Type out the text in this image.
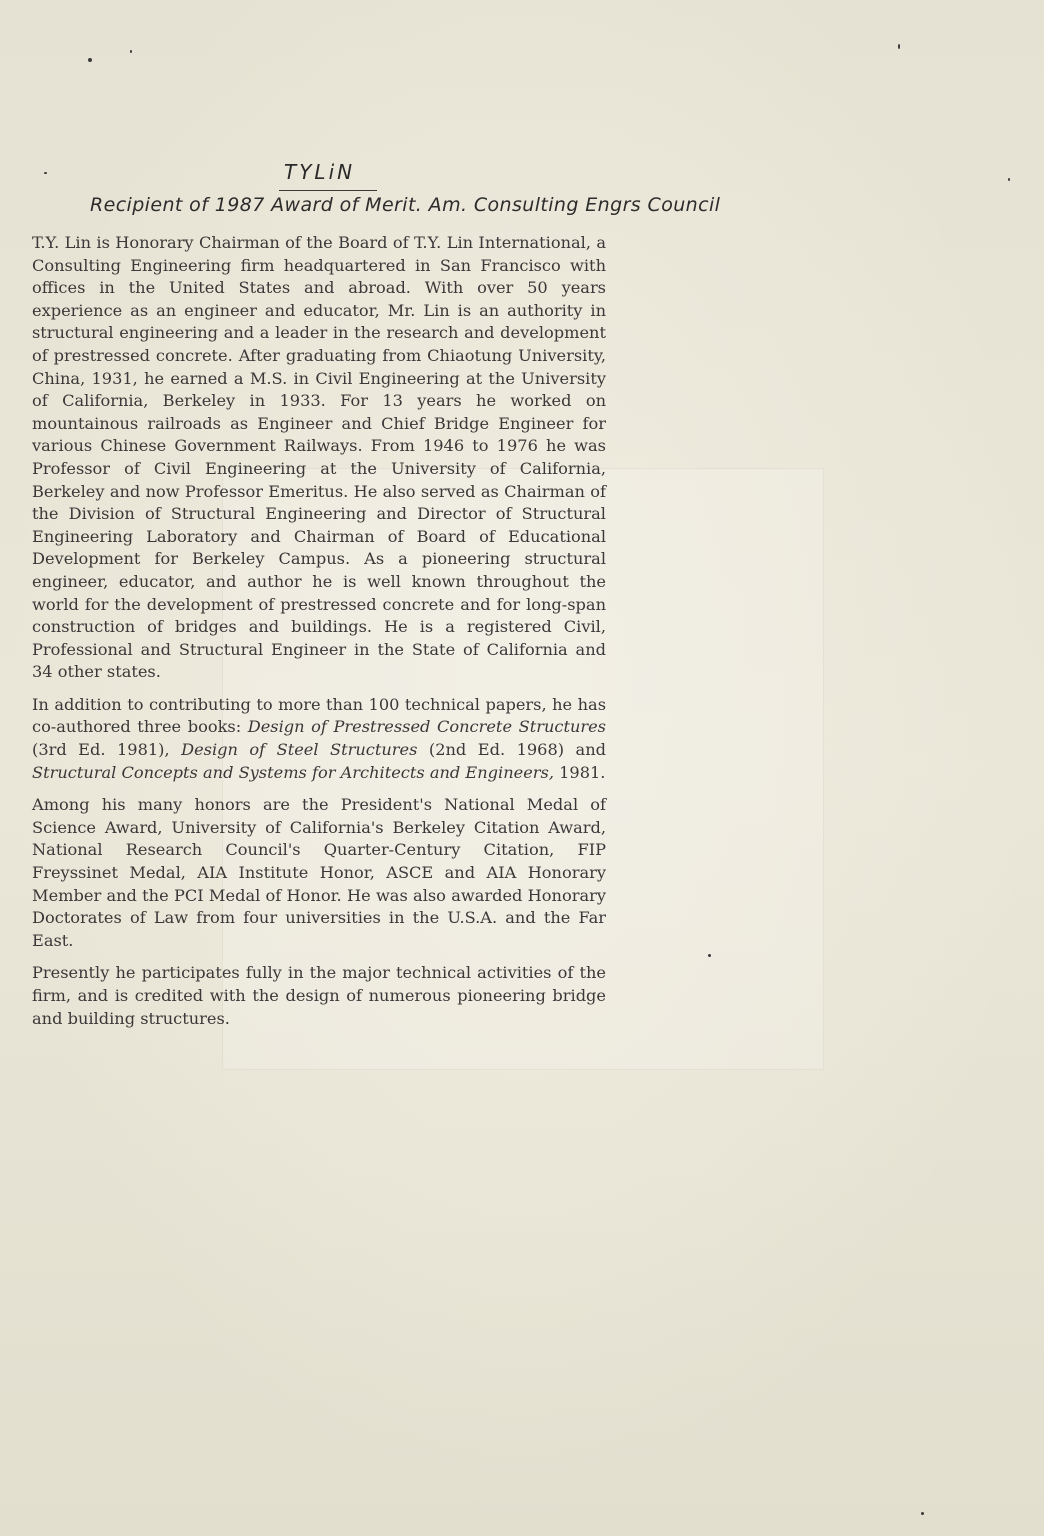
TYLiN
Recipient of 1987 Award of Merit. Am. Consulting Engrs Council

T.Y. Lin is Honorary Chairman of the Board of T.Y. Lin International, a Consulting Engineering firm headquartered in San Francisco with offices in the United States and abroad. With over 50 years experience as an engineer and educator, Mr. Lin is an authority in structural engineering and a leader in the research and development of prestressed concrete. After graduating from Chiaotung University, China, 1931, he earned a M.S. in Civil Engineering at the University of California, Berkeley in 1933. For 13 years he worked on mountainous railroads as Engineer and Chief Bridge Engineer for various Chinese Government Railways. From 1946 to 1976 he was Professor of Civil Engineering at the University of California, Berkeley and now Professor Emeritus. He also served as Chairman of the Division of Structural Engineering and Director of Structural Engineering Laboratory and Chairman of Board of Educational Development for Berkeley Campus. As a pioneering structural engineer, educator, and author he is well known throughout the world for the development of prestressed concrete and for long-span construction of bridges and buildings. He is a registered Civil, Professional and Structural Engineer in the State of California and 34 other states.

In addition to contributing to more than 100 technical papers, he has co-authored three books: Design of Prestressed Concrete Structures (3rd Ed. 1981), Design of Steel Structures (2nd Ed. 1968) and Structural Concepts and Systems for Architects and Engineers, 1981.

Among his many honors are the President's National Medal of Science Award, University of California's Berkeley Citation Award, National Research Council's Quarter-Century Citation, FIP Freyssinet Medal, AIA Institute Honor, ASCE and AIA Honorary Member and the PCI Medal of Honor. He was also awarded Honorary Doctorates of Law from four universities in the U.S.A. and the Far East.

Presently he participates fully in the major technical activities of the firm, and is credited with the design of numerous pioneering bridge and building structures.
